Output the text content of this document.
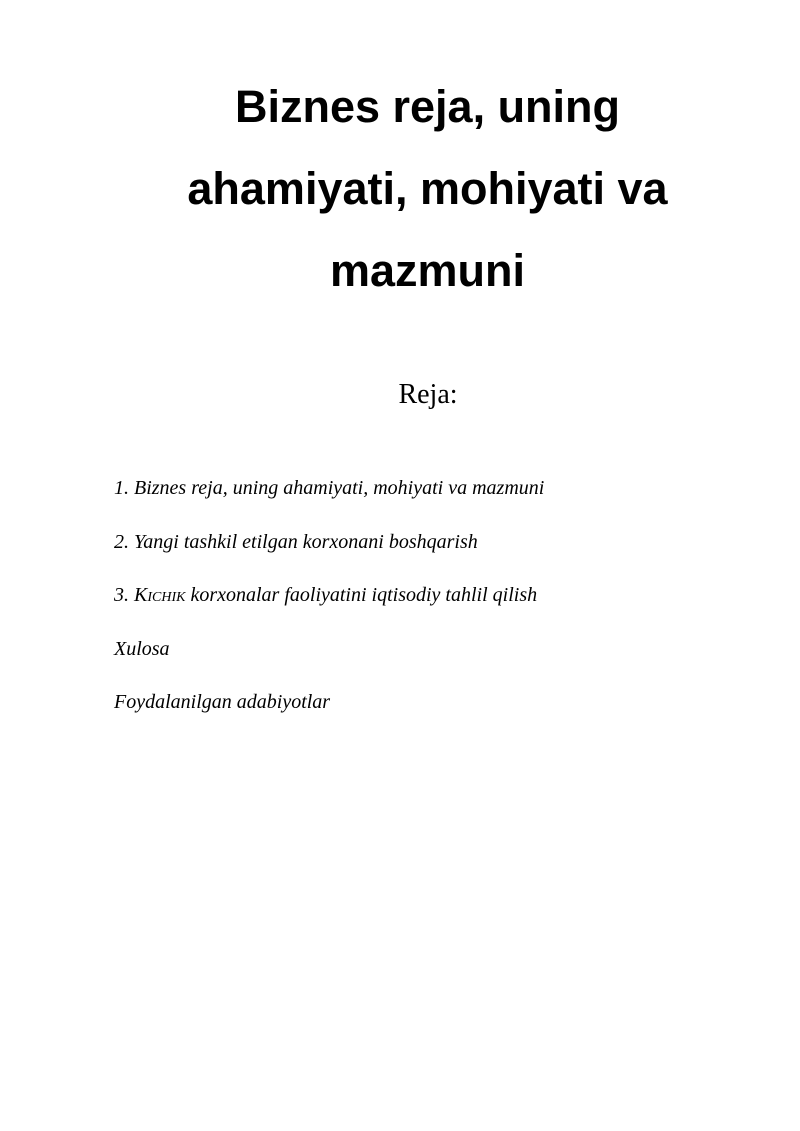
Biznes reja, uning ahamiyati, mohiyati va mazmuni
Reja:
1. Biznes reja, uning ahamiyati, mohiyati va mazmuni
2. Yangi tashkil etilgan korxonani boshqarish
3. Kichik korxonalar faoliyatini iqtisodiy tahlil qilish
Xulosa
Foydalanilgan adabiyotlar
